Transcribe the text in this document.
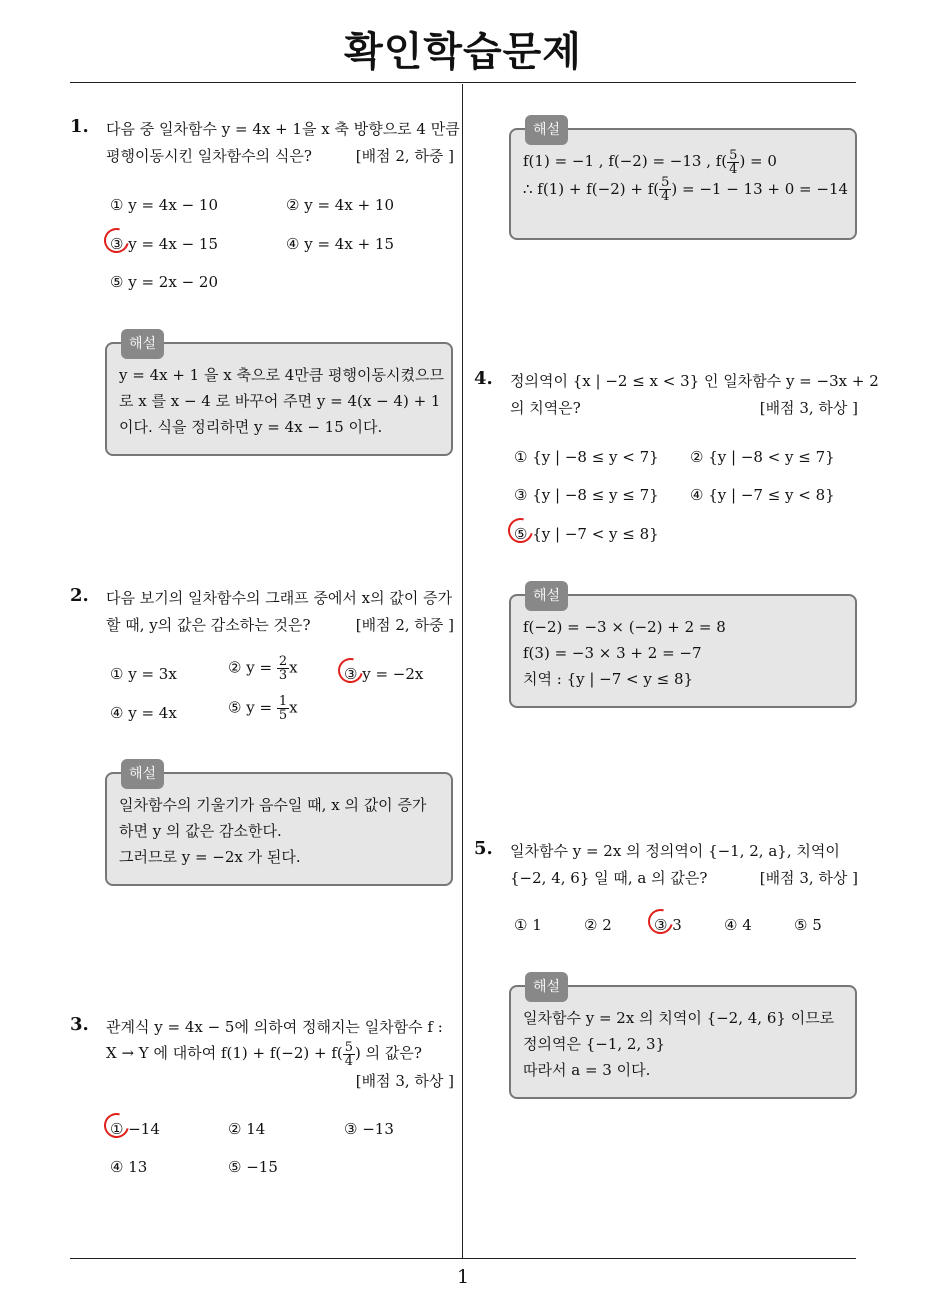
확인학습문제
1
1. 다음 중 일차함수 y = 4x + 1을 x 축 방향으로 4 만큼

평행이동시킨 일차함수의 식은?	[배점 2, 하중 ]

① y = 4x − 10	② y = 4x + 10
③ y = 4x − 15	④ y = 4x + 15
⑤ y = 2x − 20
해설

y = 4x + 1 을 x 축으로 4만큼 평행이동시켰으므

로 x 를 x − 4 로 바꾸어 주면 y = 4(x − 4) + 1

이다. 식을 정리하면 y = 4x − 15 이다.

2. 다음 보기의 일차함수의 그래프 중에서 x의 값이 증가

할 때, y의 값은 감소하는 것은?	[배점 2, 하중 ]

① y = 3x	② $y = \frac{2}{3}$ x	③ y = −2x
④ y = 4x	⑤ $y = \frac{1}{5}$ x
해설

일차함수의 기울기가 음수일 때, x 의 값이 증가

하면 y 의 값은 감소한다.

그러므로 y = −2x 가 된다.

3. 관계식 y = 4x − 5에 의하여 정해지는 일차함수 f :

X → Y 에 대하여 $f(1) + f(-2) + f( \frac{5}{4}$ ) 의 값은?

[배점 3, 하상 ]

① −14	② 14	③ −13
④ 13	⑤ −15
해설

f(1) = −1 , f(−2) = −13 , $f( \frac{5}{4}$ ) = 0

∴ $f(1) + f(-2) + f( \frac{5}{4}$ ) = −1 − 13 + 0 = −14

4. 정의역이 {x | −2 ≤ x < 3} 인 일차함수 y = −3x + 2

의 치역은?	[배점 3, 하상 ]

① {y | −8 ≤ y < 7} ② {y | −8 < y ≤ 7}
③ {y | −8 ≤ y ≤ 7} ④ {y | −7 ≤ y < 8}
⑤ {y | −7 < y ≤ 8}
해설

f(−2) = −3 × (−2) + 2 = 8

f(3) = −3 × 3 + 2 = −7

치역 : {y | −7 < y ≤ 8}

5. 일차함수 y = 2x 의 정의역이 {−1, 2, a}, 치역이

{−2, 4, 6} 일 때, a 의 값은?	[배점 3, 하상 ]

① 1	② 2	③ 3	④ 4	⑤ 5
해설

일차함수 y = 2x 의 치역이 {−2, 4, 6} 이므로

정의역은 {−1, 2, 3}

따라서 a = 3 이다.
